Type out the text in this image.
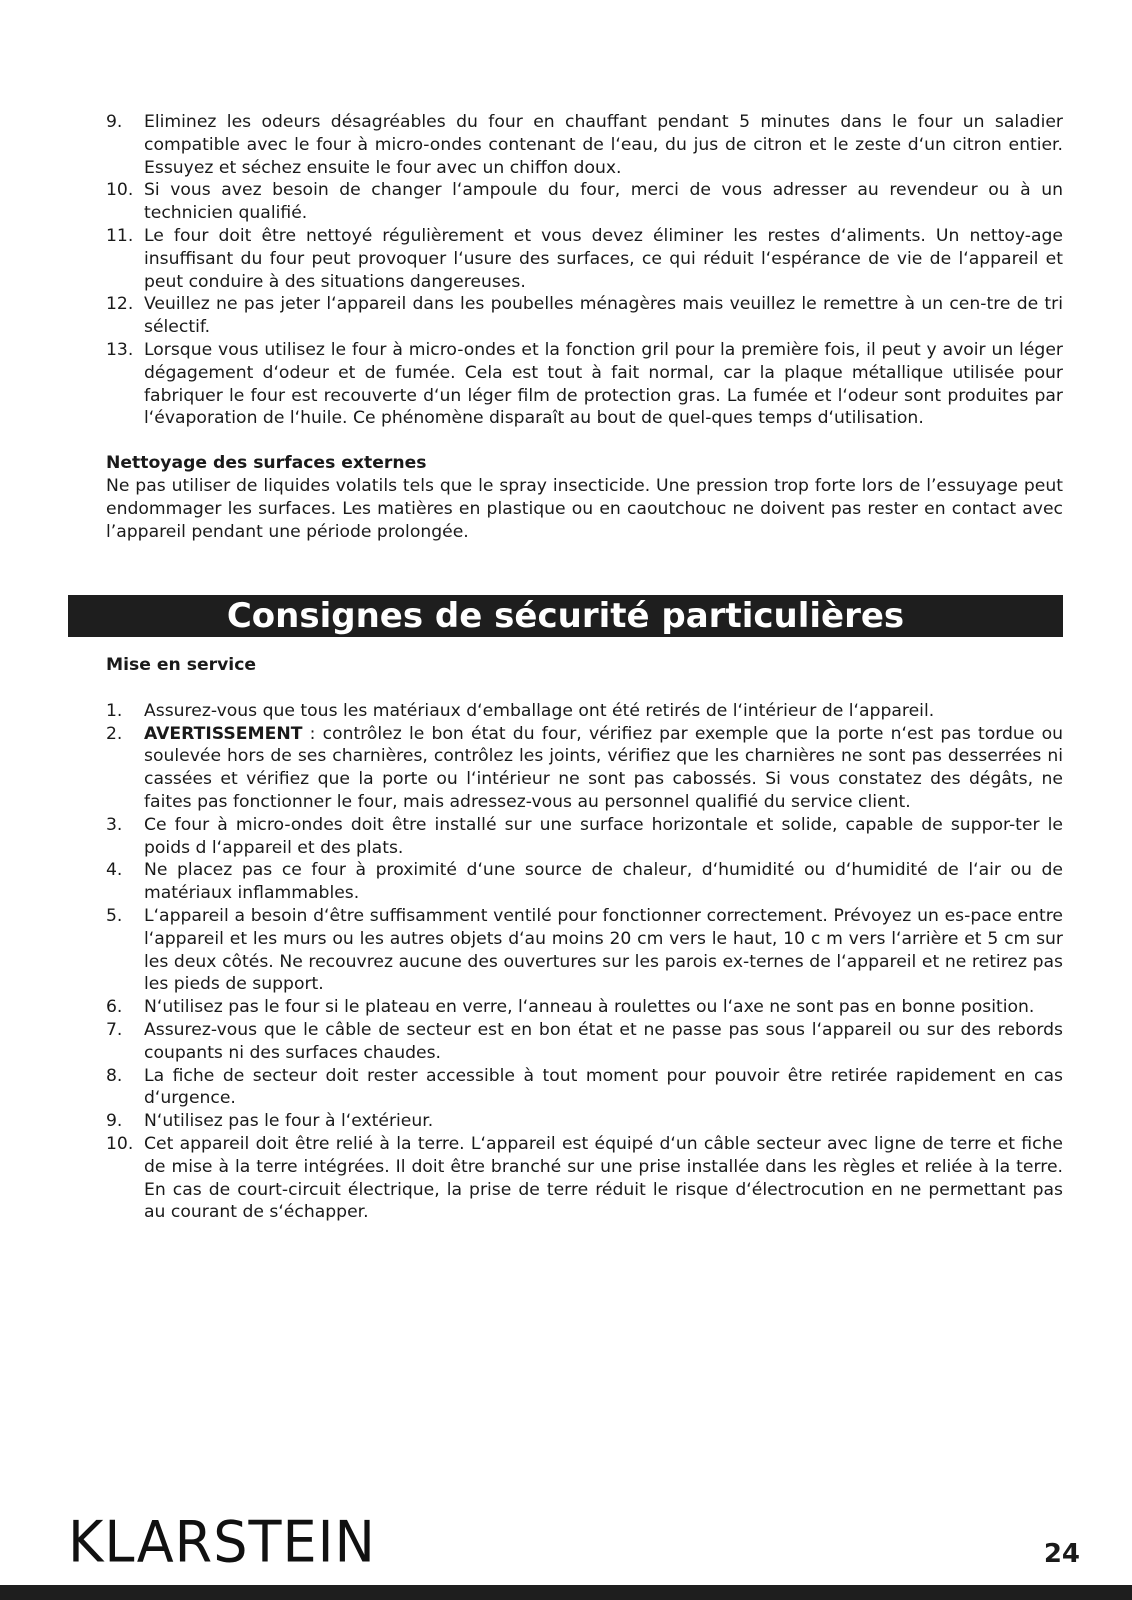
9. Eliminez les odeurs désagréables du four en chauffant pendant 5 minutes dans le four un saladier compatible avec le four à micro-ondes contenant de l‘eau, du jus de citron et le zeste d‘un citron entier. Essuyez et séchez ensuite le four avec un chiffon doux.
10. Si vous avez besoin de changer l‘ampoule du four, merci de vous adresser au revendeur ou à un technicien qualifié.
11. Le four doit être nettoyé régulièrement et vous devez éliminer les restes d‘aliments. Un nettoy-age insuffisant du four peut provoquer l‘usure des surfaces, ce qui réduit l‘espérance de vie de l‘appareil et peut conduire à des situations dangereuses.
12. Veuillez ne pas jeter l‘appareil dans les poubelles ménagères mais veuillez le remettre à un cen-tre de tri sélectif.
13. Lorsque vous utilisez le four à micro-ondes et la fonction gril pour la première fois, il peut y avoir un léger dégagement d‘odeur et de fumée. Cela est tout à fait normal, car la plaque métallique utilisée pour fabriquer le four est recouverte d‘un léger film de protection gras. La fumée et l‘odeur sont produites par l‘évaporation de l‘huile. Ce phénomène disparaît au bout de quel-ques temps d‘utilisation.

Nettoyage des surfaces externes

Ne pas utiliser de liquides volatils tels que le spray insecticide. Une pression trop forte lors de l’essuyage peut endommager les surfaces. Les matières en plastique ou en caoutchouc ne doivent pas rester en contact avec l’appareil pendant une période prolongée.

Consignes de sécurité particulières

Mise en service

1. Assurez-vous que tous les matériaux d‘emballage ont été retirés de l‘intérieur de l‘appareil.
2. AVERTISSEMENT : contrôlez le bon état du four, vérifiez par exemple que la porte n‘est pas tordue ou soulevée hors de ses charnières, contrôlez les joints, vérifiez que les charnières ne sont pas desserrées ni cassées et vérifiez que la porte ou l‘intérieur ne sont pas cabossés. Si vous constatez des dégâts, ne faites pas fonctionner le four, mais adressez-vous au personnel qualifié du service client.
3. Ce four à micro-ondes doit être installé sur une surface horizontale et solide, capable de suppor-ter le poids d l‘appareil et des plats.
4. Ne placez pas ce four à proximité d‘une source de chaleur, d‘humidité ou d‘humidité de l‘air ou de matériaux inflammables.
5. L‘appareil a besoin d‘être suffisamment ventilé pour fonctionner correctement. Prévoyez un es-pace entre l‘appareil et les murs ou les autres objets d‘au moins 20 cm vers le haut, 10 c m vers l‘arrière et 5 cm sur les deux côtés. Ne recouvrez aucune des ouvertures sur les parois ex-ternes de l‘appareil et ne retirez pas les pieds de support.
6. N‘utilisez pas le four si le plateau en verre, l‘anneau à roulettes ou l‘axe ne sont pas en bonne position.
7. Assurez-vous que le câble de secteur est en bon état et ne passe pas sous l‘appareil ou sur des rebords coupants ni des surfaces chaudes.
8. La fiche de secteur doit rester accessible à tout moment pour pouvoir être retirée rapidement en cas d‘urgence.
9. N‘utilisez pas le four à l‘extérieur.
10. Cet appareil doit être relié à la terre. L‘appareil est équipé d‘un câble secteur avec ligne de terre et fiche de mise à la terre intégrées. Il doit être branché sur une prise installée dans les règles et reliée à la terre. En cas de court-circuit électrique, la prise de terre réduit le risque d‘électrocution en ne permettant pas au courant de s‘échapper.
KLARSTEIN	24
